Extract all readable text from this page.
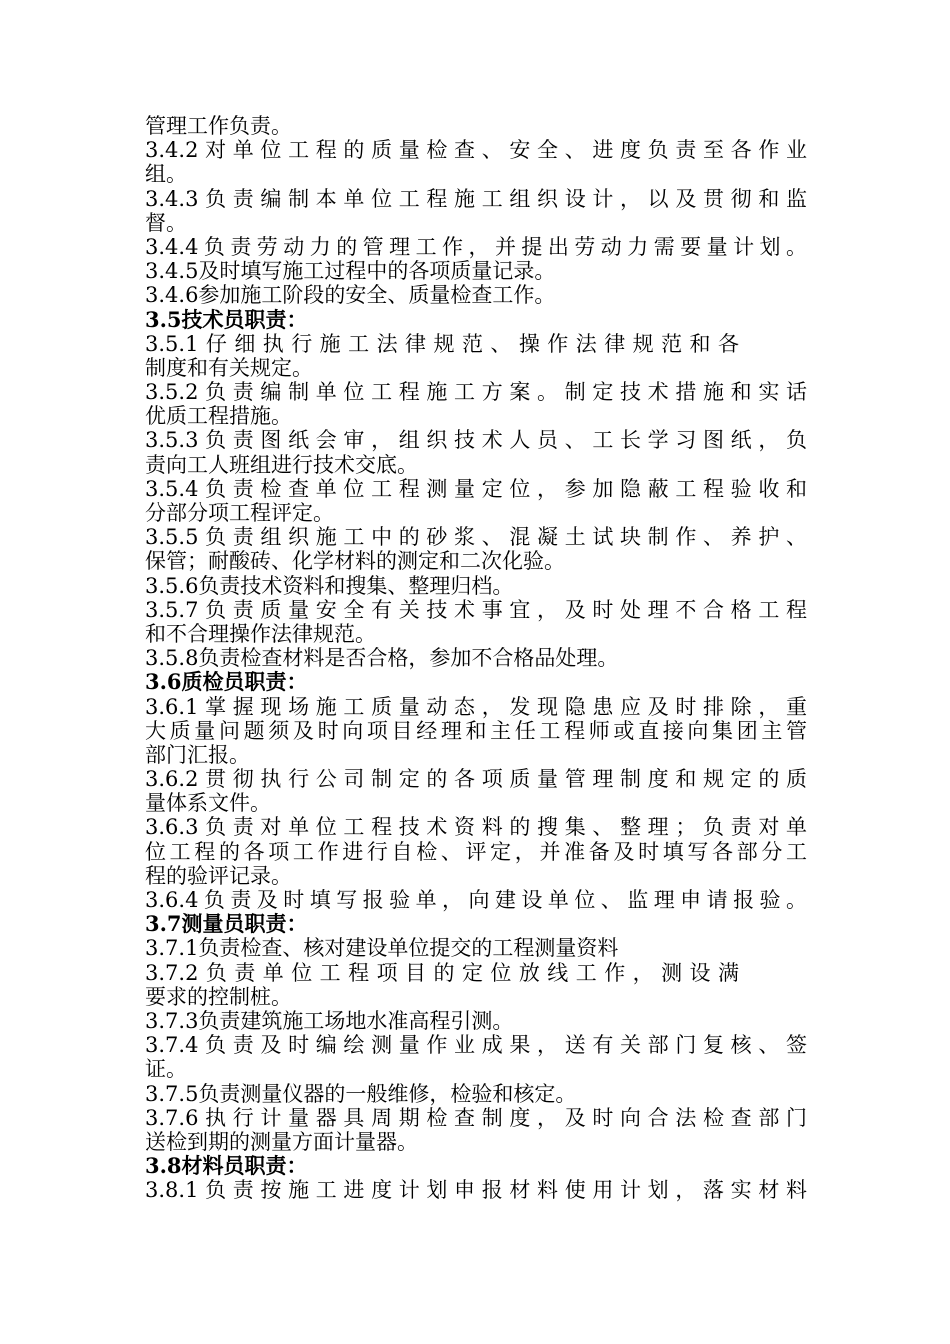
管理工作负责。

3.4.2对单位工程的质量检查、安全、进度负责至各作业

组。

3.4.3负责编制本单位工程施工组织设计，以及贯彻和监

督。

3.4.4负责劳动力的管理工作，并提出劳动力需要量计划。

3.4.5及时填写施工过程中的各项质量记录。

3.4.6参加施工阶段的安全、质量检查工作。

3.5技术员职责：

3.5.1仔细执行施工法律规范、操作法律规范和各

制度和有关规定。

3.5.2负责编制单位工程施工方案。制定技术措施和实话

优质工程措施。

3.5.3负责图纸会审，组织技术人员、工长学习图纸，负

责向工人班组进行技术交底。

3.5.4负责检查单位工程测量定位，参加隐蔽工程验收和

分部分项工程评定。

3.5.5负责组织施工中的砂浆、混凝土试块制作、养护、

保管；耐酸砖、化学材料的测定和二次化验。

3.5.6负责技术资料和搜集、整理归档。

3.5.7负责质量安全有关技术事宜，及时处理不合格工程

和不合理操作法律规范。

3.5.8负责检查材料是否合格，参加不合格品处理。

3.6质检员职责：

3.6.1掌握现场施工质量动态，发现隐患应及时排除，重

大质量问题须及时向项目经理和主任工程师或直接向集团主管

部门汇报。

3.6.2贯彻执行公司制定的各项质量管理制度和规定的质

量体系文件。

3.6.3负责对单位工程技术资料的搜集、整理；负责对单

位工程的各项工作进行自检、评定，并准备及时填写各部分工

程的验评记录。

3.6.4负责及时填写报验单，向建设单位、监理申请报验。

3.7测量员职责：

3.7.1负责检查、核对建设单位提交的工程测量资料

3.7.2负责单位工程项目的定位放线工作，测设满

要求的控制桩。

3.7.3负责建筑施工场地水准高程引测。

3.7.4负责及时编绘测量作业成果，送有关部门复核、签

证。

3.7.5负责测量仪器的一般维修，检验和核定。

3.7.6执行计量器具周期检查制度，及时向合法检查部门

送检到期的测量方面计量器。

3.8材料员职责：

3.8.1负责按施工进度计划申报材料使用计划，落实材料
